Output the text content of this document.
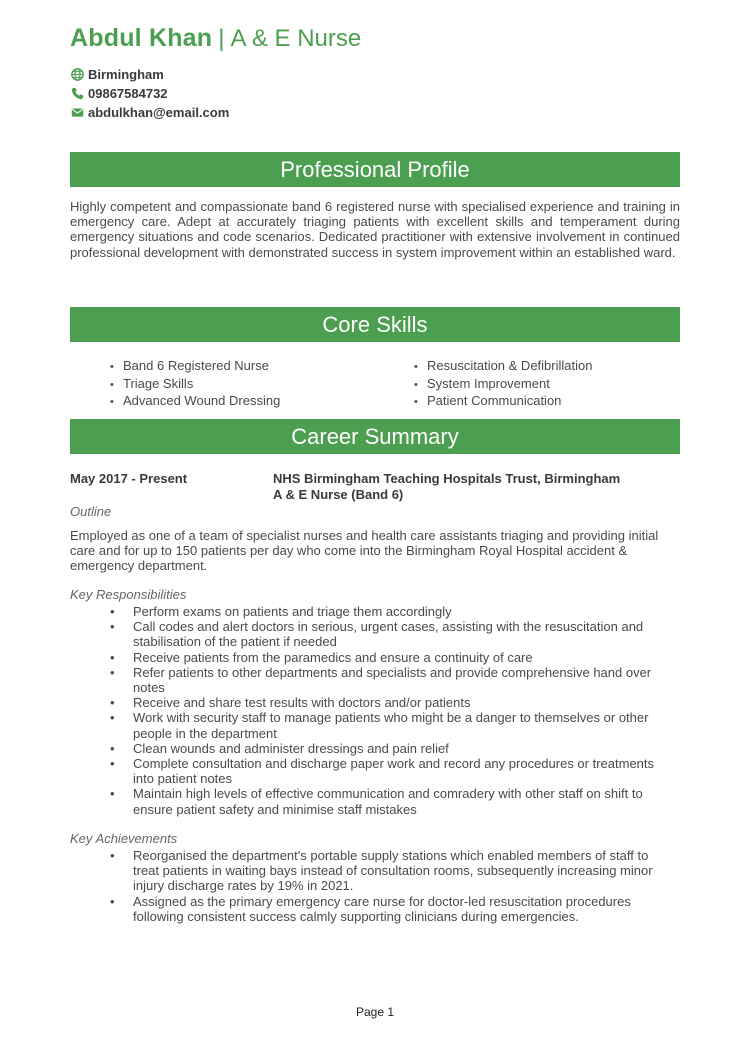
Abdul Khan | A & E Nurse
Birmingham
09867584732
abdulkhan@email.com
Professional Profile
Highly competent and compassionate band 6 registered nurse with specialised experience and training in emergency care. Adept at accurately triaging patients with excellent skills and temperament during emergency situations and code scenarios. Dedicated practitioner with extensive involvement in continued professional development with demonstrated success in system improvement within an established ward.
Core Skills
• Band 6 Registered Nurse
• Triage Skills
• Advanced Wound Dressing
• Resuscitation & Defibrillation
• System Improvement
• Patient Communication
Career Summary
May 2017 - Present	NHS Birmingham Teaching Hospitals Trust, Birmingham
A & E Nurse (Band 6)
Outline
Employed as one of a team of specialist nurses and health care assistants triaging and providing initial care and for up to 150 patients per day who come into the Birmingham Royal Hospital accident & emergency department.
Key Responsibilities
• Perform exams on patients and triage them accordingly
• Call codes and alert doctors in serious, urgent cases, assisting with the resuscitation and stabilisation of the patient if needed
• Receive patients from the paramedics and ensure a continuity of care
• Refer patients to other departments and specialists and provide comprehensive hand over notes
• Receive and share test results with doctors and/or patients
• Work with security staff to manage patients who might be a danger to themselves or other people in the department
• Clean wounds and administer dressings and pain relief
• Complete consultation and discharge paper work and record any procedures or treatments into patient notes
• Maintain high levels of effective communication and comradery with other staff on shift to ensure patient safety and minimise staff mistakes
Key Achievements
• Reorganised the department's portable supply stations which enabled members of staff to treat patients in waiting bays instead of consultation rooms, subsequently increasing minor injury discharge rates by 19% in 2021.
• Assigned as the primary emergency care nurse for doctor-led resuscitation procedures following consistent success calmly supporting clinicians during emergencies.
Page 1
